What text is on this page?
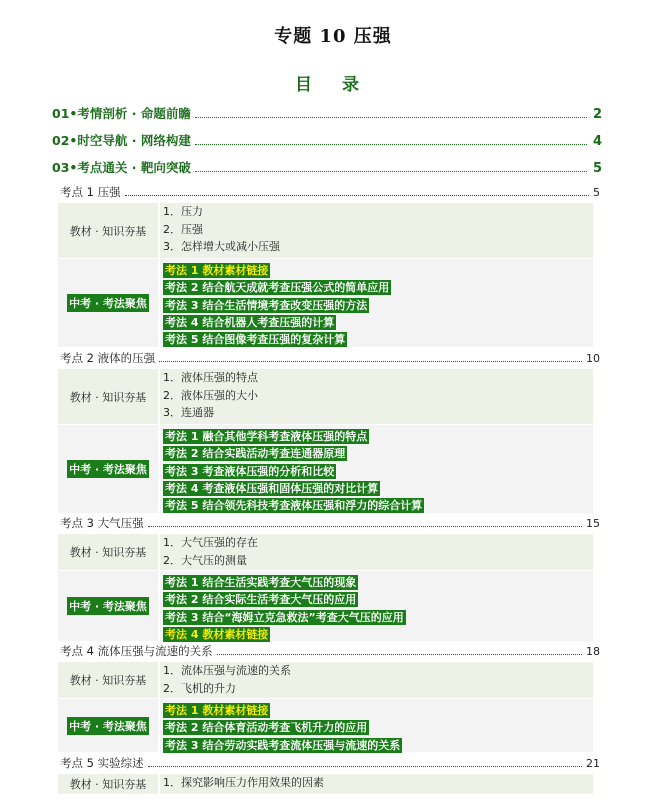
专题 10 压强
目 录
01•考情剖析 · 命题前瞻	2
02•时空导航 · 网络构建	4
03•考点通关 · 靶向突破	5
考点 1 压强	5
教材 · 知识夯基
1．压力
2．压强
3．怎样增大或减小压强
中考 · 考法聚焦
考法 1 教材素材链接
考法 2 结合航天成就考查压强公式的简单应用
考法 3 结合生活情境考查改变压强的方法
考法 4 结合机器人考查压强的计算
考法 5 结合图像考查压强的复杂计算
考点 2 液体的压强	10
教材 · 知识夯基
1．液体压强的特点
2．液体压强的大小
3．连通器
中考 · 考法聚焦
考法 1 融合其他学科考查液体压强的特点
考法 2 结合实践活动考查连通器原理
考法 3 考查液体压强的分析和比较
考法 4 考查液体压强和固体压强的对比计算
考法 5 结合领先科技考查液体压强和浮力的综合计算
考点 3 大气压强	15
教材 · 知识夯基
1．大气压强的存在
2．大气压的测量
中考 · 考法聚焦
考法 1 结合生活实践考查大气压的现象
考法 2 结合实际生活考查大气压的应用
考法 3 结合“海姆立克急救法”考查大气压的应用
考法 4 教材素材链接
考点 4 流体压强与流速的关系	18
教材 · 知识夯基
1．流体压强与流速的关系
2．飞机的升力
中考 · 考法聚焦
考法 1 教材素材链接
考法 2 结合体育活动考查飞机升力的应用
考法 3 结合劳动实践考查流体压强与流速的关系
考点 5 实验综述	21
教材 · 知识夯基	1．探究影响压力作用效果的因素
